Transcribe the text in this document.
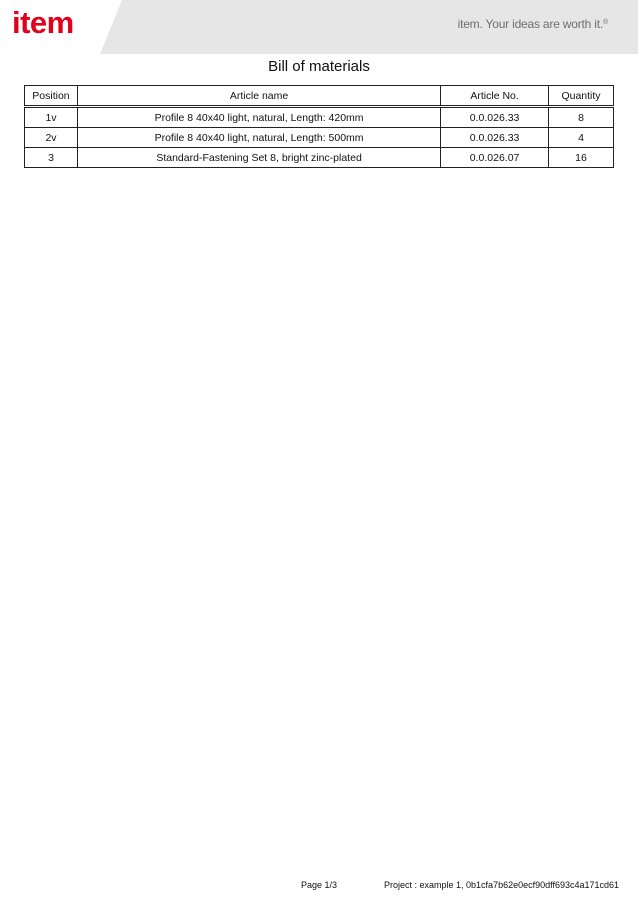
item	item. Your ideas are worth it.®
Bill of materials
Position	Article name	Article No.	Quantity
1v	Profile 8 40x40 light, natural, Length: 420mm	0.0.026.33	8
2v	Profile 8 40x40 light, natural, Length: 500mm	0.0.026.33	4
3	Standard-Fastening Set 8, bright zinc-plated	0.0.026.07	16
Page 1/3	Project : example 1, 0b1cfa7b62e0ecf90dff693c4a171cd61
